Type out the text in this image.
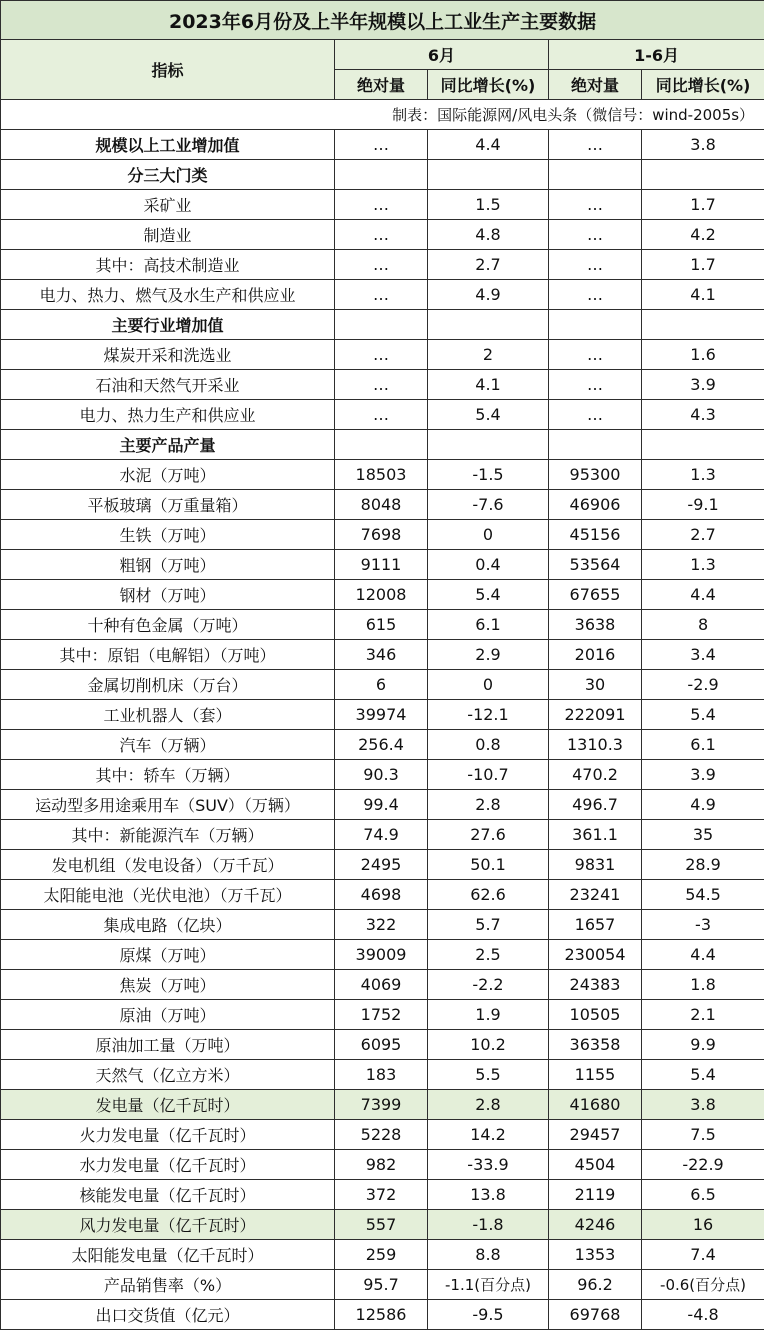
2023年6月份及上半年规模以上工业生产主要数据				
指标	6月		1-6月	
	绝对量	同比增长(%)	绝对量	同比增长(%)
制表：国际能源网/风电头条（微信号：wind-2005s）				
规模以上工业增加值	…	4.4	…	3.8
分三大门类				
采矿业	…	1.5	…	1.7
制造业	…	4.8	…	4.2
其中：高技术制造业	…	2.7	…	1.7
电力、热力、燃气及水生产和供应业	…	4.9	…	4.1
主要行业增加值				
煤炭开采和洗选业	…	2	…	1.6
石油和天然气开采业	…	4.1	…	3.9
电力、热力生产和供应业	…	5.4	…	4.3
主要产品产量				
水泥（万吨）	18503	-1.5	95300	1.3
平板玻璃（万重量箱）	8048	-7.6	46906	-9.1
生铁（万吨）	7698	0	45156	2.7
粗钢（万吨）	9111	0.4	53564	1.3
钢材（万吨）	12008	5.4	67655	4.4
十种有色金属（万吨）	615	6.1	3638	8
其中：原铝（电解铝）（万吨）	346	2.9	2016	3.4
金属切削机床（万台）	6	0	30	-2.9
工业机器人（套）	39974	-12.1	222091	5.4
汽车（万辆）	256.4	0.8	1310.3	6.1
其中：轿车（万辆）	90.3	-10.7	470.2	3.9
运动型多用途乘用车（SUV）（万辆）	99.4	2.8	496.7	4.9
其中：新能源汽车（万辆）	74.9	27.6	361.1	35
发电机组（发电设备）（万千瓦）	2495	50.1	9831	28.9
太阳能电池（光伏电池）（万千瓦）	4698	62.6	23241	54.5
集成电路（亿块）	322	5.7	1657	-3
原煤（万吨）	39009	2.5	230054	4.4
焦炭（万吨）	4069	-2.2	24383	1.8
原油（万吨）	1752	1.9	10505	2.1
原油加工量（万吨）	6095	10.2	36358	9.9
天然气（亿立方米）	183	5.5	1155	5.4
发电量（亿千瓦时）	7399	2.8	41680	3.8
火力发电量（亿千瓦时）	5228	14.2	29457	7.5
水力发电量（亿千瓦时）	982	-33.9	4504	-22.9
核能发电量（亿千瓦时）	372	13.8	2119	6.5
风力发电量（亿千瓦时）	557	-1.8	4246	16
太阳能发电量（亿千瓦时）	259	8.8	1353	7.4
产品销售率（%）	95.7	-1.1(百分点)	96.2	-0.6(百分点)
出口交货值（亿元）	12586	-9.5	69768	-4.8
